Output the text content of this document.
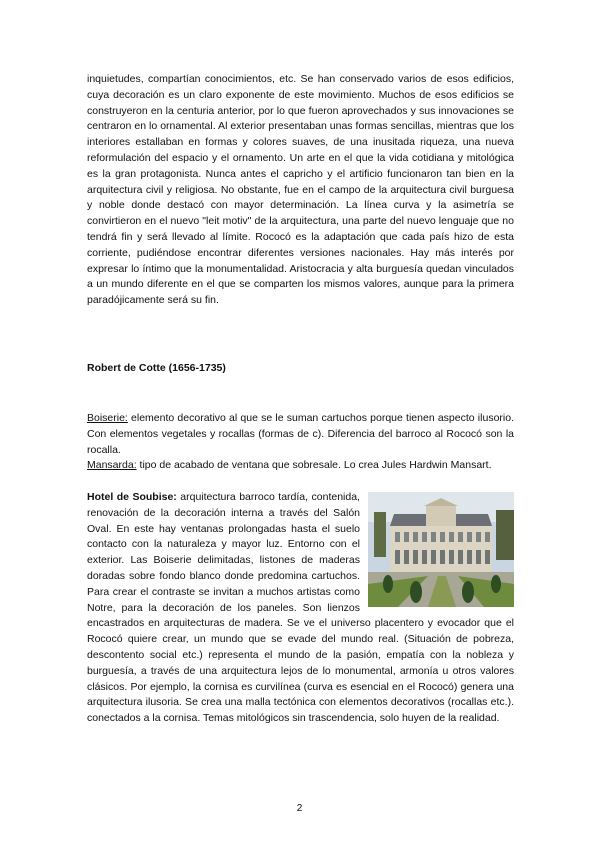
inquietudes, compartían conocimientos, etc. Se han conservado varios de esos edificios, cuya decoración es un claro exponente de este movimiento. Muchos de esos edificios se construyeron en la centuria anterior, por lo que fueron aprovechados y sus innovaciones se centraron en lo ornamental. Al exterior presentaban unas formas sencillas, mientras que los interiores estallaban en formas y colores suaves, de una inusitada riqueza, una nueva reformulación del espacio y el ornamento. Un arte en el que la vida cotidiana y mitológica es la gran protagonista. Nunca antes el capricho y el artificio funcionaron tan bien en la arquitectura civil y religiosa. No obstante, fue en el campo de la arquitectura civil burguesa y noble donde destacó con mayor determinación. La línea curva y la asimetría se convirtieron en el nuevo "leit motiv" de la arquitectura, una parte del nuevo lenguaje que no tendrá fin y será llevado al límite. Rococó es la adaptación que cada país hizo de esta corriente, pudiéndose encontrar diferentes versiones nacionales. Hay más interés por expresar lo íntimo que la monumentalidad. Aristocracia y alta burguesía quedan vinculados a un mundo diferente en el que se comparten los mismos valores, aunque para la primera paradójicamente será su fin.

Robert de Cotte (1656-1735)

Boiserie: elemento decorativo al que se le suman cartuchos porque tienen aspecto ilusorio. Con elementos vegetales y rocallas (formas de c). Diferencia del barroco al Rococó son la rocalla.
Mansarda: tipo de acabado de ventana que sobresale. Lo crea Jules Hardwin Mansart.

Hotel de Soubise: arquitectura barroco tardía, contenida, renovación de la decoración interna a través del Salón Oval. En este hay ventanas prolongadas hasta el suelo contacto con la naturaleza y mayor luz. Entorno con el exterior. Las Boiserie delimitadas, listones de maderas doradas sobre fondo blanco donde predomina cartuchos. Para crear el contraste se invitan a muchos artistas como Notre, para la decoración de los paneles. Son lienzos encastrados en arquitecturas de madera. Se ve el universo placentero y evocador que el Rococó quiere crear, un mundo que se evade del mundo real. (Situación de pobreza, descontento social etc.) representa el mundo de la pasión, empatía con la nobleza y burguesía, a través de una arquitectura lejos de lo monumental, armonía u otros valores clásicos. Por ejemplo, la cornisa es curvilínea (curva es esencial en el Rococó) genera una arquitectura ilusoria. Se crea una malla tectónica con elementos decorativos (rocallas etc.). conectados a la cornisa. Temas mitológicos sin trascendencia, solo huyen de la realidad.
2
